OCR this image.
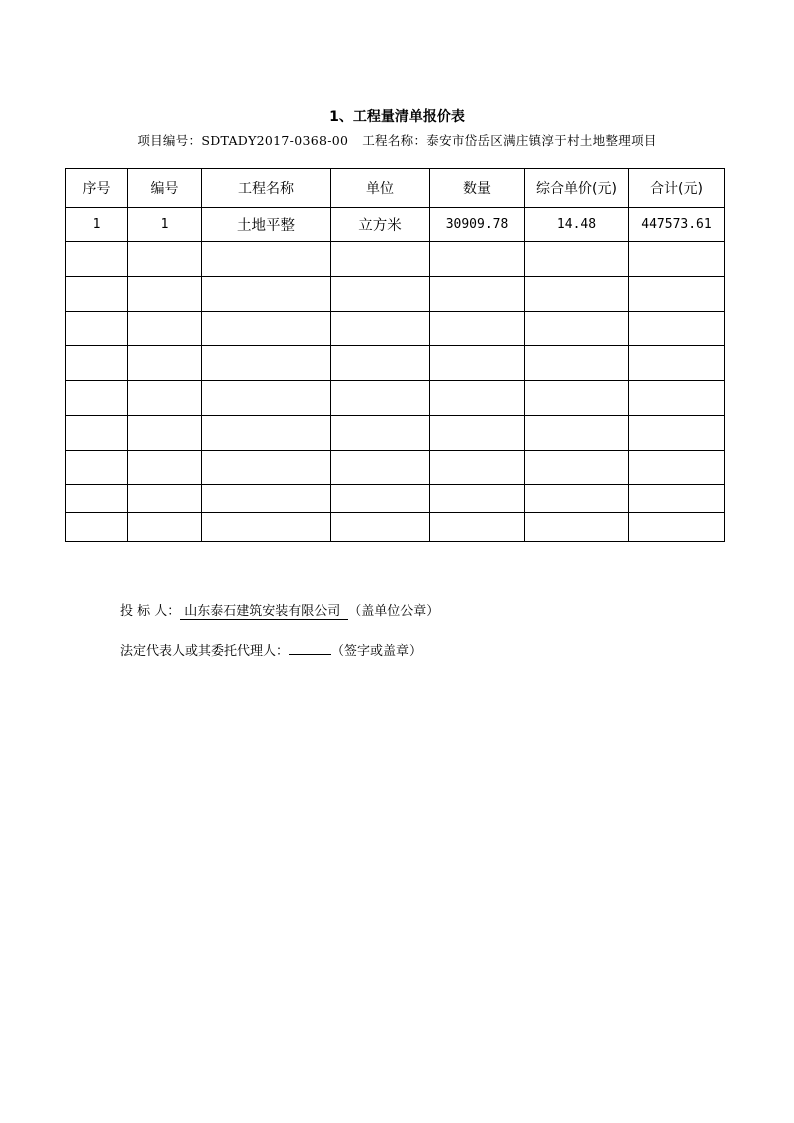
1、工程量清单报价表
项目编号：SDTADY2017-0368-00 工程名称：泰安市岱岳区满庄镇淳于村土地整理项目
序号	编号	工程名称	单位	数量	综合单价(元)	合计(元)
1	1	土地平整	立方米	30909.78	14.48	447573.61

投 标 人： 山东泰石建筑安装有限公司 （盖单位公章）
法定代表人或其委托代理人：	（签字或盖章）
